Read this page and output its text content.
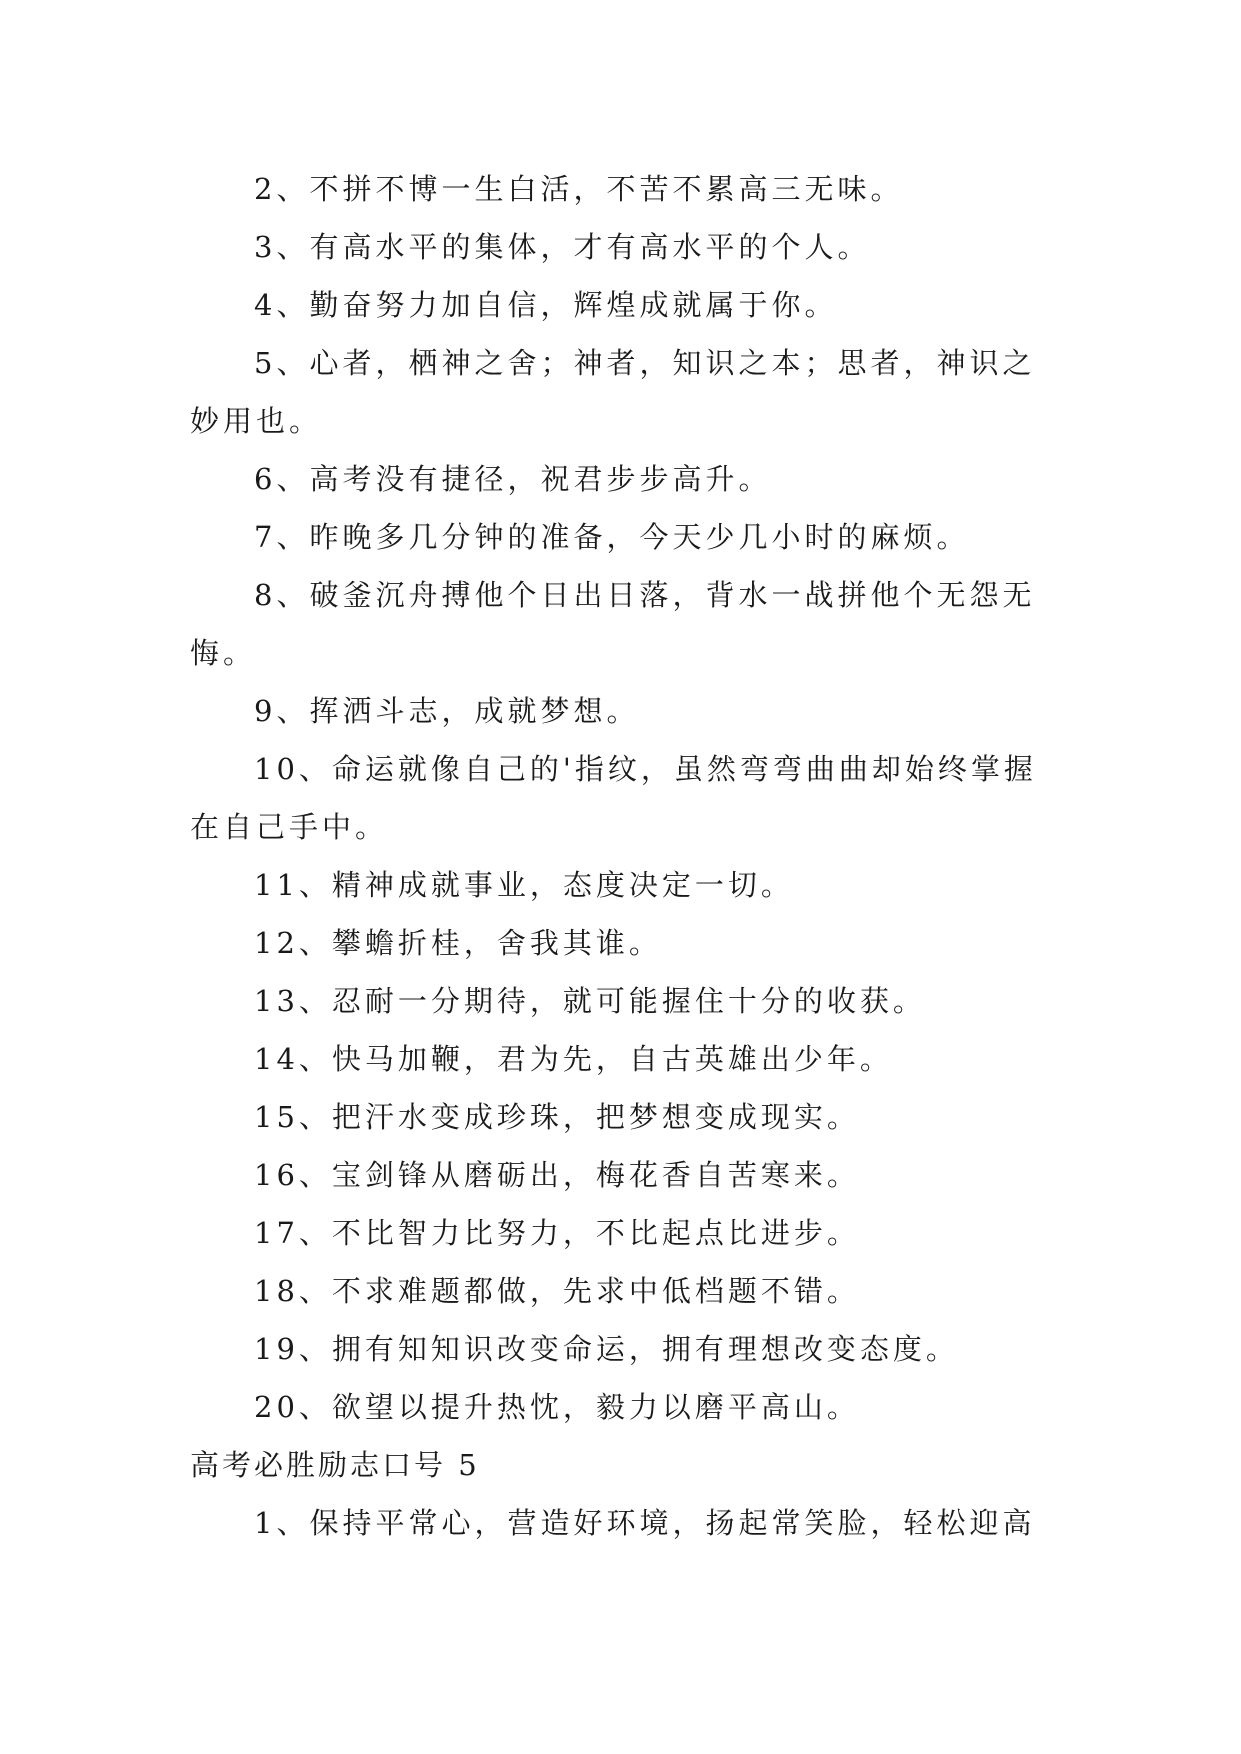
2、不拼不博一生白活，不苦不累高三无味。
3、有高水平的集体，才有高水平的个人。
4、勤奋努力加自信，辉煌成就属于你。
5、心者，栖神之舍；神者，知识之本；思者，神识之
妙用也。
6、高考没有捷径，祝君步步高升。
7、昨晚多几分钟的准备，今天少几小时的麻烦。
8、破釜沉舟搏他个日出日落，背水一战拼他个无怨无
悔。
9、挥洒斗志，成就梦想。
10、命运就像自己的'指纹，虽然弯弯曲曲却始终掌握
在自己手中。
11、精神成就事业，态度决定一切。
12、攀蟾折桂，舍我其谁。
13、忍耐一分期待，就可能握住十分的收获。
14、快马加鞭，君为先，自古英雄出少年。
15、把汗水变成珍珠，把梦想变成现实。
16、宝剑锋从磨砺出，梅花香自苦寒来。
17、不比智力比努力，不比起点比进步。
18、不求难题都做，先求中低档题不错。
19、拥有知知识改变命运，拥有理想改变态度。
20、欲望以提升热忱，毅力以磨平高山。
高考必胜励志口号 5
1、保持平常心，营造好环境，扬起常笑脸，轻松迎高
